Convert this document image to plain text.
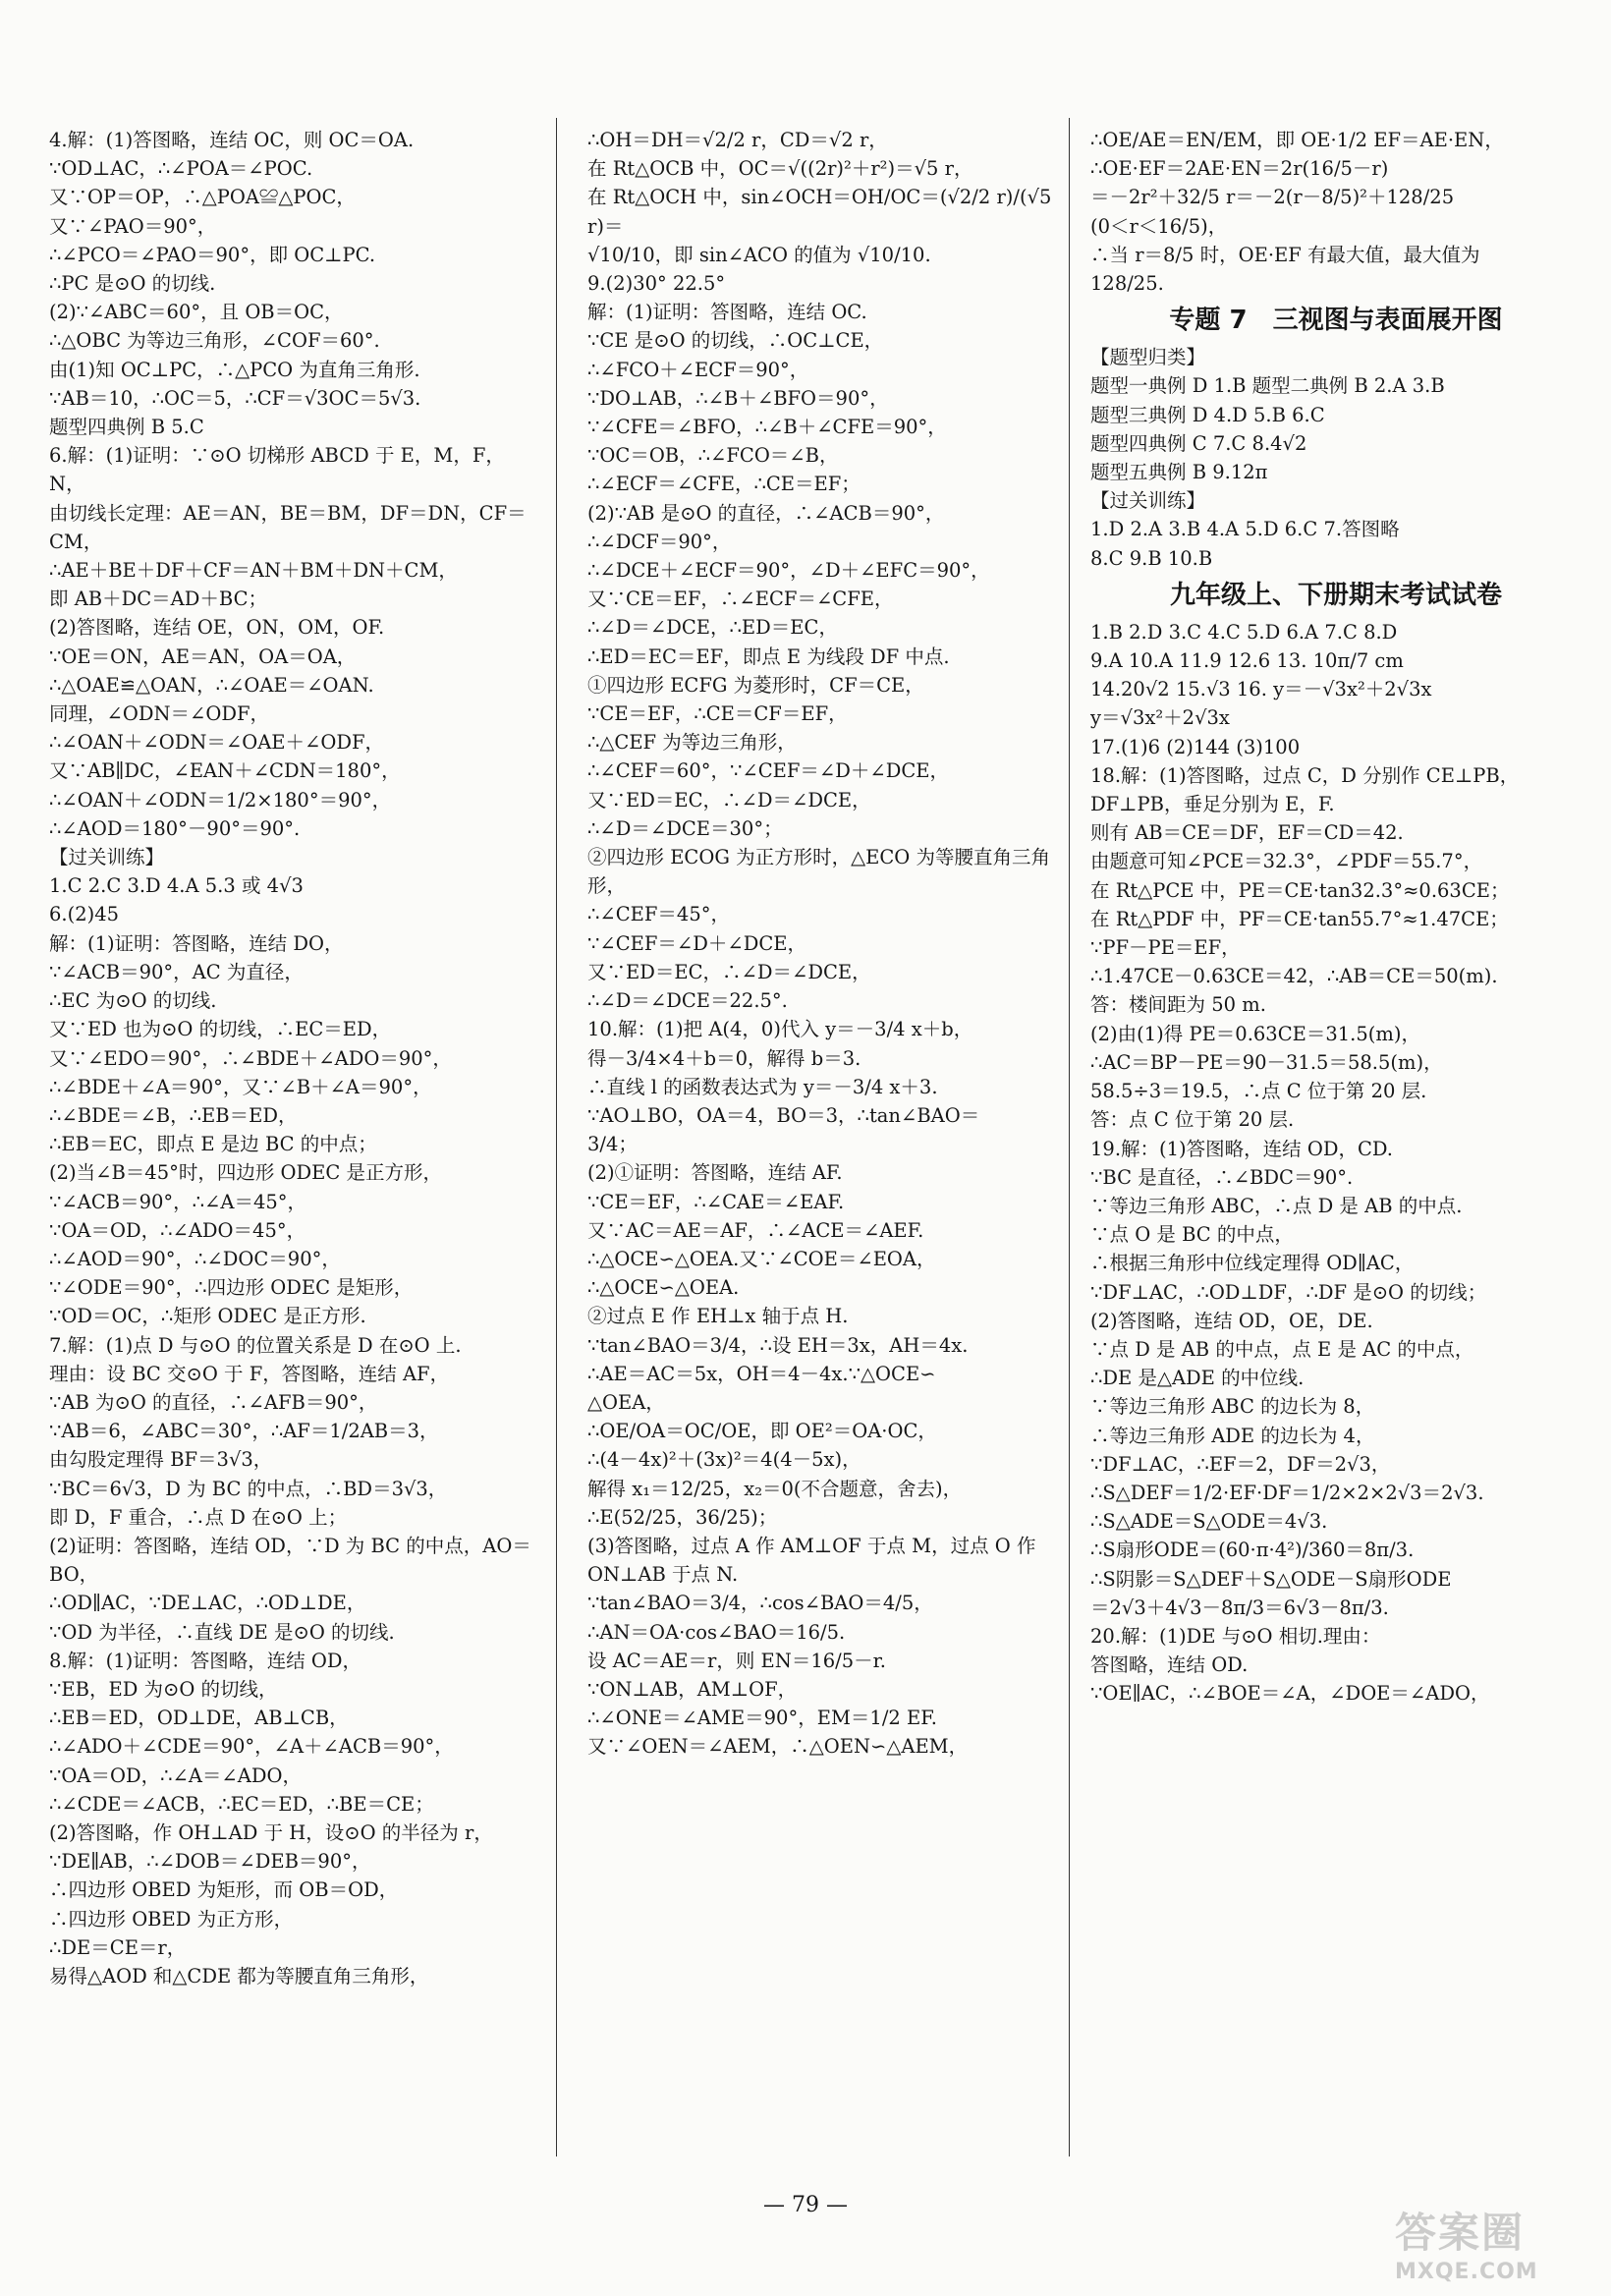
4.解：(1)答图略，连结 OC，则 OC＝OA.
∵OD⊥AC，∴∠POA＝∠POC.
又∵OP＝OP，∴△POA≌△POC，
又∵∠PAO＝90°，
∴∠PCO＝∠PAO＝90°，即 OC⊥PC.
∴PC 是⊙O 的切线.
(2)∵∠ABC＝60°，且 OB＝OC，
∴△OBC 为等边三角形，∠COF＝60°.
由(1)知 OC⊥PC，∴△PCO 为直角三角形.
∵AB＝10，∴OC＝5，∴CF＝√3OC＝5√3.
题型四典例 B 5.C
6.解：(1)证明：∵⊙O 切梯形 ABCD 于 E，M，F，N，
由切线长定理：AE＝AN，BE＝BM，DF＝DN，CF＝CM，
∴AE＋BE＋DF＋CF＝AN＋BM＋DN＋CM，
即 AB＋DC＝AD＋BC；
(2)答图略，连结 OE，ON，OM，OF.
∵OE＝ON，AE＝AN，OA＝OA，
∴△OAE≌△OAN，∴∠OAE＝∠OAN.
同理，∠ODN＝∠ODF，
∴∠OAN＋∠ODN＝∠OAE＋∠ODF，
又∵AB∥DC，∠EAN＋∠CDN＝180°，
∴∠OAN＋∠ODN＝1/2×180°＝90°，
∴∠AOD＝180°－90°＝90°.
【过关训练】
1.C 2.C 3.D 4.A 5.3 或 4√3
6.(2)45
解：(1)证明：答图略，连结 DO，
∵∠ACB＝90°，AC 为直径，
∴EC 为⊙O 的切线.
又∵ED 也为⊙O 的切线，∴EC＝ED，
又∵∠EDO＝90°，∴∠BDE＋∠ADO＝90°，
∴∠BDE＋∠A＝90°，又∵∠B＋∠A＝90°，
∴∠BDE＝∠B，∴EB＝ED，
∴EB＝EC，即点 E 是边 BC 的中点；
(2)当∠B＝45°时，四边形 ODEC 是正方形，
∵∠ACB＝90°，∴∠A＝45°，
∵OA＝OD，∴∠ADO＝45°，
∴∠AOD＝90°，∴∠DOC＝90°，
∵∠ODE＝90°，∴四边形 ODEC 是矩形，
∵OD＝OC，∴矩形 ODEC 是正方形.
7.解：(1)点 D 与⊙O 的位置关系是 D 在⊙O 上.
理由：设 BC 交⊙O 于 F，答图略，连结 AF，
∵AB 为⊙O 的直径，∴∠AFB＝90°，
∵AB＝6，∠ABC＝30°，∴AF＝1/2AB＝3，
由勾股定理得 BF＝3√3，
∵BC＝6√3，D 为 BC 的中点，∴BD＝3√3，
即 D，F 重合，∴点 D 在⊙O 上；
(2)证明：答图略，连结 OD，∵D 为 BC 的中点，AO＝BO，
∴OD∥AC，∵DE⊥AC，∴OD⊥DE，
∵OD 为半径，∴直线 DE 是⊙O 的切线.
8.解：(1)证明：答图略，连结 OD，
∵EB，ED 为⊙O 的切线，
∴EB＝ED，OD⊥DE，AB⊥CB，
∴∠ADO＋∠CDE＝90°，∠A＋∠ACB＝90°，
∵OA＝OD，∴∠A＝∠ADO，
∴∠CDE＝∠ACB，∴EC＝ED，∴BE＝CE；
(2)答图略，作 OH⊥AD 于 H，设⊙O 的半径为 r，
∵DE∥AB，∴∠DOB＝∠DEB＝90°，
∴四边形 OBED 为矩形，而 OB＝OD，
∴四边形 OBED 为正方形，
∴DE＝CE＝r，
易得△AOD 和△CDE 都为等腰直角三角形，
∴OH＝DH＝√2/2 r，CD＝√2 r，
在 Rt△OCB 中，OC＝√((2r)²＋r²)＝√5 r，
在 Rt△OCH 中，sin∠OCH＝OH/OC＝(√2/2 r)/(√5 r)＝
√10/10，即 sin∠ACO 的值为 √10/10.
9.(2)30° 22.5°
解：(1)证明：答图略，连结 OC.
∵CE 是⊙O 的切线，∴OC⊥CE，
∴∠FCO＋∠ECF＝90°，
∵DO⊥AB，∴∠B＋∠BFO＝90°，
∵∠CFE＝∠BFO，∴∠B＋∠CFE＝90°，
∵OC＝OB，∴∠FCO＝∠B，
∴∠ECF＝∠CFE，∴CE＝EF；
(2)∵AB 是⊙O 的直径，∴∠ACB＝90°，
∴∠DCF＝90°，
∴∠DCE＋∠ECF＝90°，∠D＋∠EFC＝90°，
又∵CE＝EF，∴∠ECF＝∠CFE，
∴∠D＝∠DCE，∴ED＝EC，
∴ED＝EC＝EF，即点 E 为线段 DF 中点.
①四边形 ECFG 为菱形时，CF＝CE，
∵CE＝EF，∴CE＝CF＝EF，
∴△CEF 为等边三角形，
∴∠CEF＝60°，∵∠CEF＝∠D＋∠DCE，
又∵ED＝EC，∴∠D＝∠DCE，
∴∠D＝∠DCE＝30°；
②四边形 ECOG 为正方形时，△ECO 为等腰直角三角形，
∴∠CEF＝45°，
∵∠CEF＝∠D＋∠DCE，
又∵ED＝EC，∴∠D＝∠DCE，
∴∠D＝∠DCE＝22.5°.
10.解：(1)把 A(4，0)代入 y＝－3/4 x＋b，
得－3/4×4＋b＝0，解得 b＝3.
∴直线 l 的函数表达式为 y＝－3/4 x＋3.
∵AO⊥BO，OA＝4，BO＝3，∴tan∠BAO＝
3/4；
(2)①证明：答图略，连结 AF.
∵CE＝EF，∴∠CAE＝∠EAF.
又∵AC＝AE＝AF，∴∠ACE＝∠AEF.
∴△OCE∽△OEA.又∵∠COE＝∠EOA，
∴△OCE∽△OEA.
②过点 E 作 EH⊥x 轴于点 H.
∵tan∠BAO＝3/4，∴设 EH＝3x，AH＝4x.
∴AE＝AC＝5x，OH＝4－4x.∵△OCE∽
△OEA，
∴OE/OA＝OC/OE，即 OE²＝OA·OC，
∴(4－4x)²＋(3x)²＝4(4－5x)，
解得 x₁＝12/25，x₂＝0(不合题意，舍去)，
∴E(52/25，36/25)；
(3)答图略，过点 A 作 AM⊥OF 于点 M，过点 O 作 ON⊥AB 于点 N.
∵tan∠BAO＝3/4，∴cos∠BAO＝4/5，
∴AN＝OA·cos∠BAO＝16/5.
设 AC＝AE＝r，则 EN＝16/5－r.
∵ON⊥AB，AM⊥OF，
∴∠ONE＝∠AME＝90°，EM＝1/2 EF.
又∵∠OEN＝∠AEM，∴△OEN∽△AEM，
∴OE/AE＝EN/EM，即 OE·1/2 EF＝AE·EN，
∴OE·EF＝2AE·EN＝2r(16/5－r)
＝－2r²＋32/5 r＝－2(r－8/5)²＋128/25
(0＜r＜16/5)，
∴当 r＝8/5 时，OE·EF 有最大值，最大值为
128/25.
专题 7　三视图与表面展开图
【题型归类】
题型一典例 D 1.B 题型二典例 B 2.A 3.B
题型三典例 D 4.D 5.B 6.C
题型四典例 C 7.C 8.4√2
题型五典例 B 9.12π
【过关训练】
1.D 2.A 3.B 4.A 5.D 6.C 7.答图略
8.C 9.B 10.B
九年级上、下册期末考试试卷
1.B 2.D 3.C 4.C 5.D 6.A 7.C 8.D
9.A 10.A 11.9 12.6 13. 10π/7 cm
14.20√2 15.√3 16. y＝－√3x²＋2√3x
y＝√3x²＋2√3x
17.(1)6 (2)144 (3)100
18.解：(1)答图略，过点 C，D 分别作 CE⊥PB，DF⊥PB，垂足分别为 E，F.
则有 AB＝CE＝DF，EF＝CD＝42.
由题意可知∠PCE＝32.3°，∠PDF＝55.7°，
在 Rt△PCE 中，PE＝CE·tan32.3°≈0.63CE；
在 Rt△PDF 中，PF＝CE·tan55.7°≈1.47CE；
∵PF－PE＝EF，
∴1.47CE－0.63CE＝42，∴AB＝CE＝50(m).
答：楼间距为 50 m.
(2)由(1)得 PE＝0.63CE＝31.5(m)，
∴AC＝BP－PE＝90－31.5＝58.5(m)，
58.5÷3＝19.5，∴点 C 位于第 20 层.
答：点 C 位于第 20 层.
19.解：(1)答图略，连结 OD，CD.
∵BC 是直径，∴∠BDC＝90°.
∵等边三角形 ABC，∴点 D 是 AB 的中点.
∵点 O 是 BC 的中点，
∴根据三角形中位线定理得 OD∥AC，
∵DF⊥AC，∴OD⊥DF，∴DF 是⊙O 的切线；
(2)答图略，连结 OD，OE，DE.
∵点 D 是 AB 的中点，点 E 是 AC 的中点，
∴DE 是△ADE 的中位线.
∵等边三角形 ABC 的边长为 8，
∴等边三角形 ADE 的边长为 4，
∵DF⊥AC，∴EF＝2，DF＝2√3，
∴S△DEF＝1/2·EF·DF＝1/2×2×2√3＝2√3.
∴S△ADE＝S△ODE＝4√3.
∴S扇形ODE＝(60·π·4²)/360＝8π/3.
∴S阴影＝S△DEF＋S△ODE－S扇形ODE
＝2√3＋4√3－8π/3＝6√3－8π/3.
20.解：(1)DE 与⊙O 相切.理由：
答图略，连结 OD.
∵OE∥AC，∴∠BOE＝∠A，∠DOE＝∠ADO，
— 79 —
答案圈
MXQE.COM
